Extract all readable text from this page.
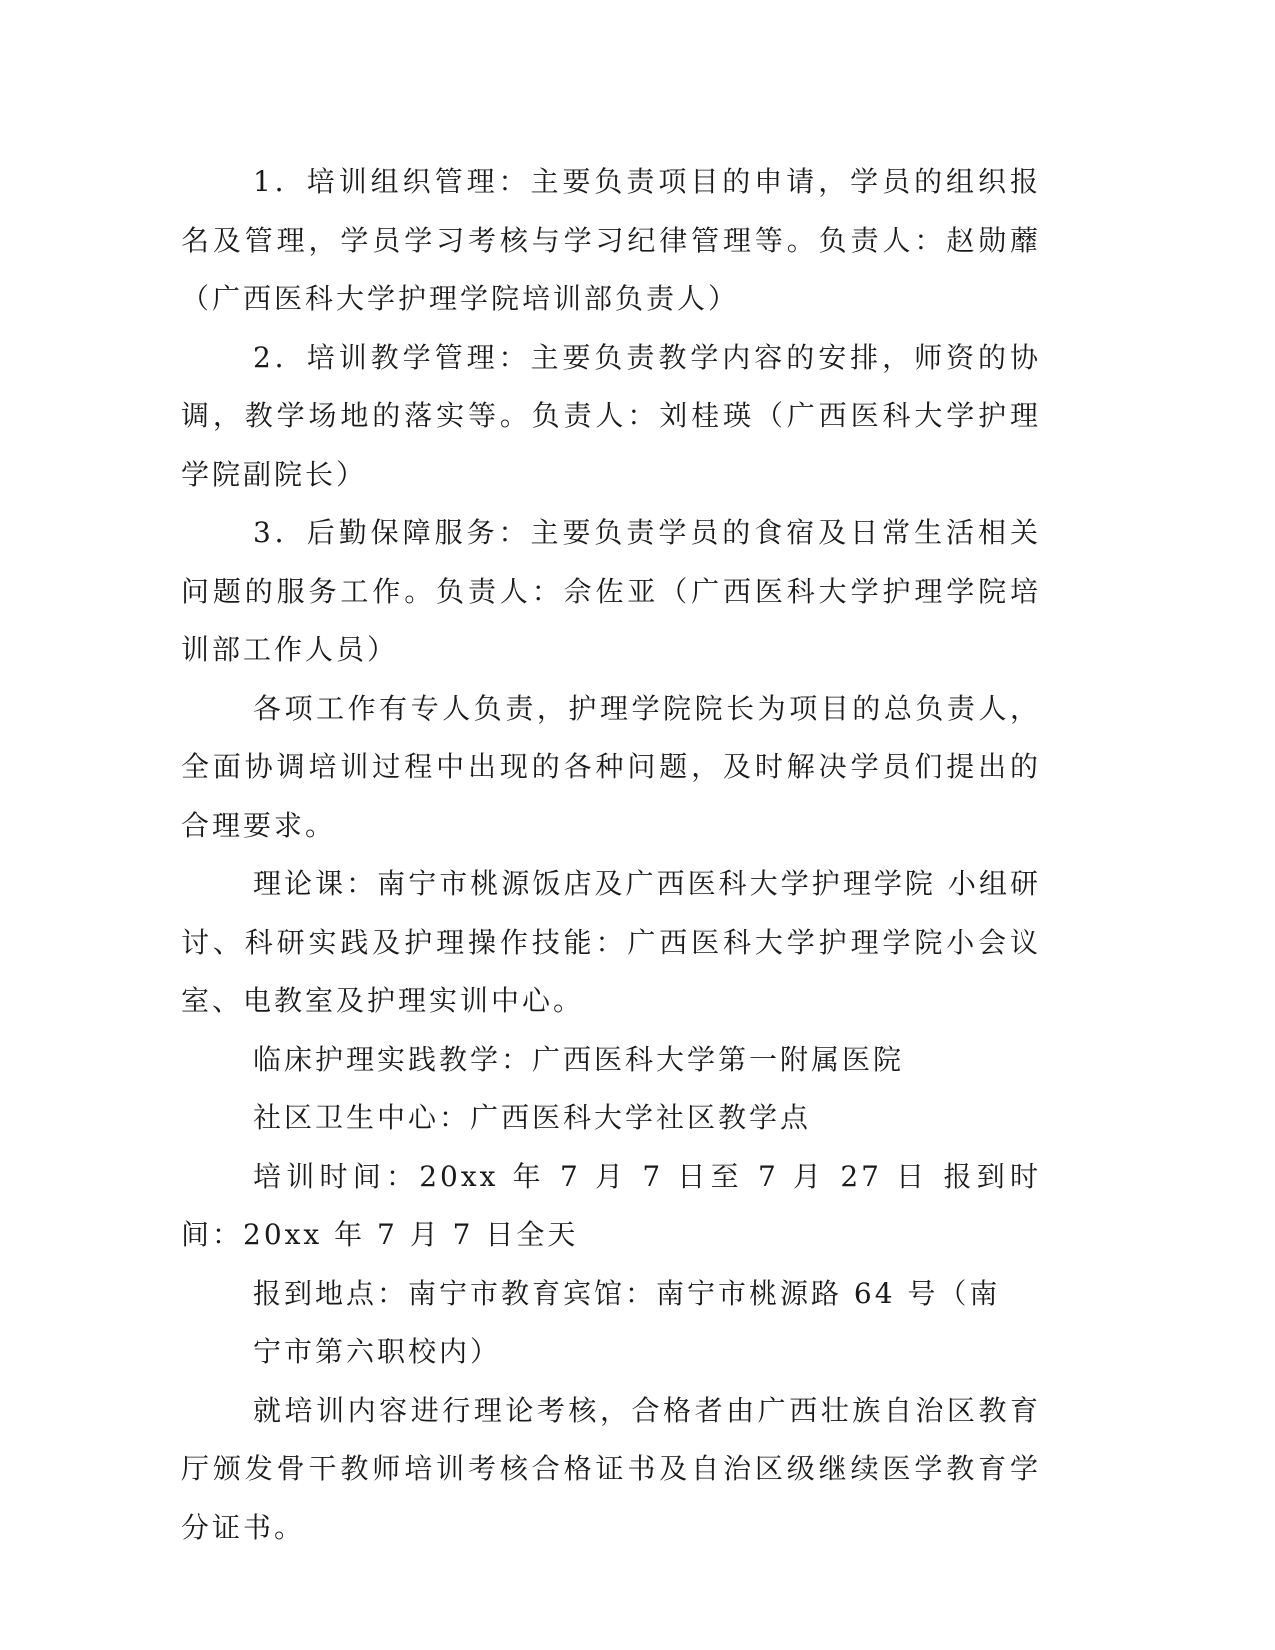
1．培训组织管理：主要负责项目的申请，学员的组织报名及管理，学员学习考核与学习纪律管理等。负责人：赵勋蘼（广西医科大学护理学院培训部负责人）

2．培训教学管理：主要负责教学内容的安排，师资的协调，教学场地的落实等。负责人：刘桂瑛（广西医科大学护理学院副院长）

3．后勤保障服务：主要负责学员的食宿及日常生活相关问题的服务工作。负责人：佘佐亚（广西医科大学护理学院培训部工作人员）

各项工作有专人负责，护理学院院长为项目的总负责人，全面协调培训过程中出现的各种问题，及时解决学员们提出的合理要求。

理论课：南宁市桃源饭店及广西医科大学护理学院 小组研讨、科研实践及护理操作技能：广西医科大学护理学院小会议室、电教室及护理实训中心。

临床护理实践教学：广西医科大学第一附属医院

社区卫生中心：广西医科大学社区教学点

培训时间：20xx 年 7 月 7 日至 7 月 27 日 报到时间：20xx 年 7 月 7 日全天

报到地点：南宁市教育宾馆：南宁市桃源路 64 号（南

宁市第六职校内）

就培训内容进行理论考核，合格者由广西壮族自治区教育厅颁发骨干教师培训考核合格证书及自治区级继续医学教育学分证书。
